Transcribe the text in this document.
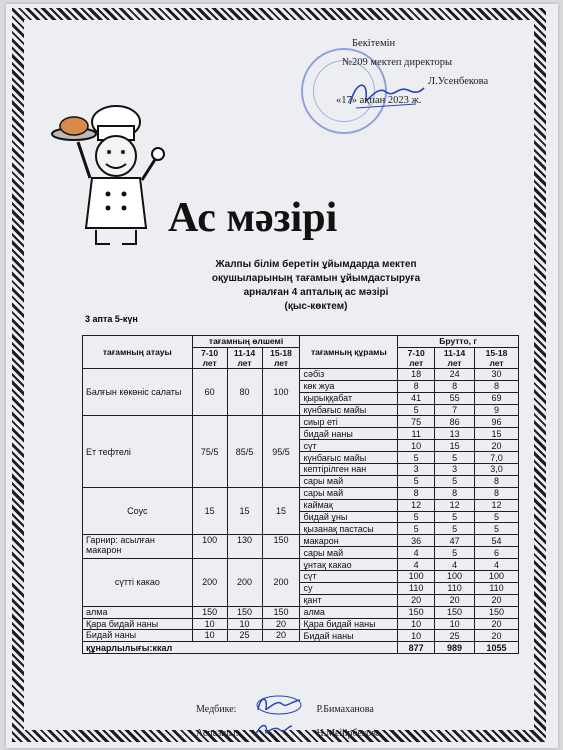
Бекітемін
№209 мектеп директоры
Л.Усенбекова
«17» ақпан 2023 ж.
Ас мәзірі
Жалпы білім беретін ұйымдарда мектеп
оқушыларының тағамын ұйымдастыруға
арналған 4 апталық ас мәзірі
(қыс-көктем)
3 апта 5-күн
тағамның атауы	тағамның өлшемі			тағамның құрамы	Брутто, г		
	7-10 лет	11-14 лет	15-18 лет		7-10 лет	11-14 лет	15-18 лет
Балғын көкөніс салаты	60	80	100	сәбіз	18	24	30
				көк жуа	8	8	8
				қырыққабат	41	55	69
				күнбағыс майы	5	7	9
Ет тефтелі	75/5	85/5	95/5	сиыр еті	75	86	96
				бидай наны	11	13	15
				сүт	10	15	20
				күнбағыс майы	5	5	7,0
				кептірілген нан	3	3	3,0
				сары май	5	5	8
Соус	15	15	15	сары май	8	8	8
				каймақ	12	12	12
				бидай ұны	5	5	5
				қызанақ пастасы	5	5	5
Гарнир: асылған макарон	100	130	150	макарон	36	47	54
				сары май	4	5	6
сүтті какао	200	200	200	ұнтақ какао	4	4	4
				сүт	100	100	100
				су	110	110	110
				қант	20	20	20
алма	150	150	150	алма	150	150	150
Қара бидай наны	10	10	20	Қара бидай наны	10	10	20
Бидай наны	10	25	20	Бидай наны	10	25	20
құнарлылығы:ккал					877	989	1055
Медбике:	Р.Бимаханова
Аспазшы:	Н.Мейірбекова
